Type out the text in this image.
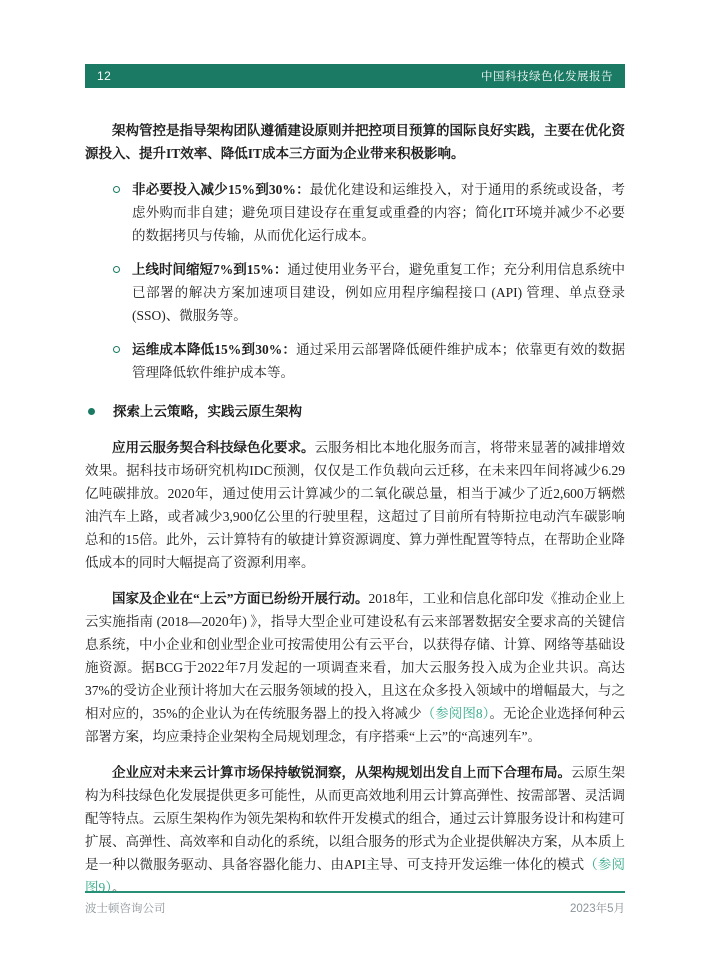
12	中国科技绿色化发展报告

架构管控是指导架构团队遵循建设原则并把控项目预算的国际良好实践，主要在优化资源投入、提升IT效率、降低IT成本三方面为企业带来积极影响。

非必要投入减少15%到30%：最优化建设和运维投入，对于通用的系统或设备，考虑外购而非自建；避免项目建设存在重复或重叠的内容；简化IT环境并减少不必要的数据拷贝与传输，从而优化运行成本。
上线时间缩短7%到15%：通过使用业务平台，避免重复工作；充分利用信息系统中已部署的解决方案加速项目建设，例如应用程序编程接口 (API) 管理、单点登录 (SSO)、微服务等。
运维成本降低15%到30%：通过采用云部署降低硬件维护成本；依靠更有效的数据管理降低软件维护成本等。
探索上云策略，实践云原生架构

应用云服务契合科技绿色化要求。云服务相比本地化服务而言，将带来显著的减排增效效果。据科技市场研究机构IDC预测，仅仅是工作负载向云迁移，在未来四年间将减少6.29亿吨碳排放。2020年，通过使用云计算减少的二氧化碳总量，相当于减少了近2,600万辆燃油汽车上路，或者减少3,900亿公里的行驶里程，这超过了目前所有特斯拉电动汽车碳影响总和的15倍。此外，云计算特有的敏捷计算资源调度、算力弹性配置等特点，在帮助企业降低成本的同时大幅提高了资源利用率。

国家及企业在“上云”方面已纷纷开展行动。2018年，工业和信息化部印发《推动企业上云实施指南 (2018—2020年) 》，指导大型企业可建设私有云来部署数据安全要求高的关键信息系统，中小企业和创业型企业可按需使用公有云平台，以获得存储、计算、网络等基础设施资源。据BCG于2022年7月发起的一项调查来看，加大云服务投入成为企业共识。高达37%的受访企业预计将加大在云服务领域的投入，且这在众多投入领域中的增幅最大，与之相对应的，35%的企业认为在传统服务器上的投入将减少（参阅图8）。无论企业选择何种云部署方案，均应秉持企业架构全局规划理念，有序搭乘“上云”的“高速列车”。

企业应对未来云计算市场保持敏锐洞察，从架构规划出发自上而下合理布局。云原生架构为科技绿色化发展提供更多可能性，从而更高效地利用云计算高弹性、按需部署、灵活调配等特点。云原生架构作为领先架构和软件开发模式的组合，通过云计算服务设计和构建可扩展、高弹性、高效率和自动化的系统，以组合服务的形式为企业提供解决方案，从本质上是一种以微服务驱动、具备容器化能力、由API主导、可支持开发运维一体化的模式（参阅图9）。

波士顿咨询公司	2023年5月
